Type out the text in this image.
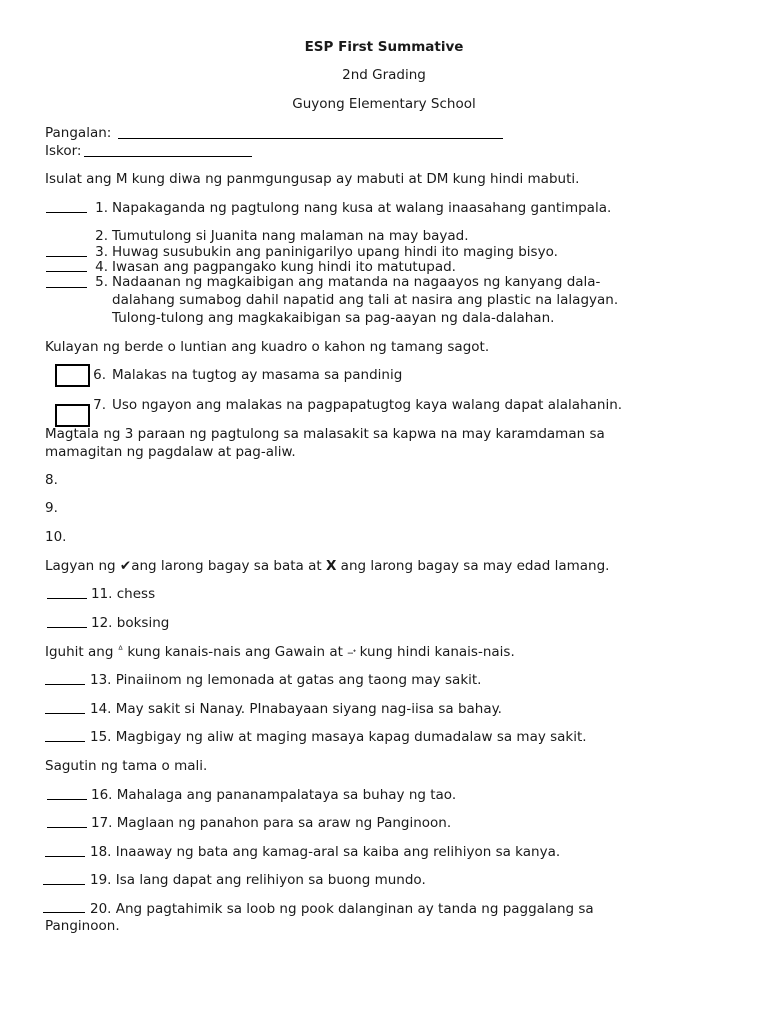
ESP First Summative
2nd Grading
Guyong Elementary School
Pangalan:
Iskor:
Isulat ang M kung diwa ng panmgungusap ay mabuti at DM kung hindi mabuti.
1. Napakaganda ng pagtulong nang kusa at walang inaasahang gantimpala.
2. Tumutulong si Juanita nang malaman na may bayad.
3. Huwag susubukin ang paninigarilyo upang hindi ito maging bisyo.
4. Iwasan ang pagpangako kung hindi ito matutupad.
5. Nadaanan ng magkaibigan ang matanda na nagaayos ng kanyang dala-
dalahang sumabog dahil napatid ang tali at nasira ang plastic na lalagyan.
Tulong-tulong ang magkakaibigan sa pag-aayan ng dala-dalahan.
Kulayan ng berde o luntian ang kuadro o kahon ng tamang sagot.
6. Malakas na tugtog ay masama sa pandinig
7. Uso ngayon ang malakas na pagpapatugtog kaya walang dapat alalahanin.
Magtala ng 3 paraan ng pagtulong sa malasakit sa kapwa na may karamdaman sa
mamagitan ng pagdalaw at pag-aliw.
8.
9.
10.
Lagyan ng ✔ang larong bagay sa bata at X ang larong bagay sa may edad lamang.
11. chess
12. boksing
Iguhit ang ᐞ kung kanais-nais ang Gawain at --ᐩ kung hindi kanais-nais.
13. Pinaiinom ng lemonada at gatas ang taong may sakit.
14. May sakit si Nanay. PInabayaan siyang nag-iisa sa bahay.
15. Magbigay ng aliw at maging masaya kapag dumadalaw sa may sakit.
Sagutin ng tama o mali.
16. Mahalaga ang pananampalataya sa buhay ng tao.
17. Maglaan ng panahon para sa araw ng Panginoon.
18. Inaaway ng bata ang kamag-aral sa kaiba ang relihiyon sa kanya.
19. Isa lang dapat ang relihiyon sa buong mundo.
20. Ang pagtahimik sa loob ng pook dalanginan ay tanda ng paggalang sa
Panginoon.
